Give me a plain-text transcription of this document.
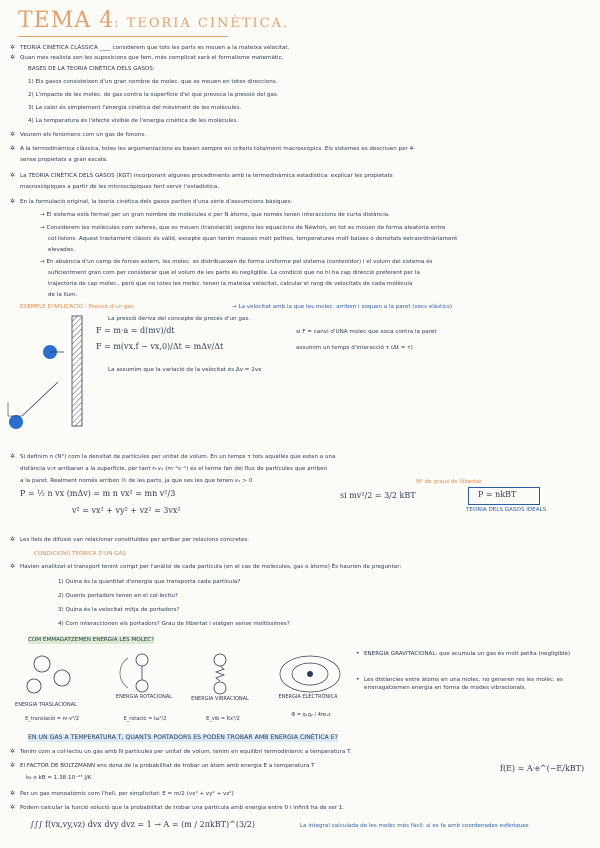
TEMA 4: TEORIA CINÈTICA.
✲ TEORIA CINÈTICA CLÀSSICA ____ considerem que tots les parts es mouen a la mateixa velocitat.
✲ Quan més realista son les suposicions que fem, més complicat serà el formalisme matemàtic.
BASES DE LA TEORIA CINÈTICA DELS GASOS:
1) Els gasos consisteixen d'un gran nombre de molec. que es mouen en totes direccions.
2) L'impacte de les molèc. de gas contra la superfície d'el que provoca la pressió del gas.
3) La calor és simplement l'energia cinètica del moviment de les molècules.
4) La temperatura és l'efecte visible de l'energia cinètica de les molècules.
✲ Veurem els fenomens com un gas de fonons.
✲ A la termodinàmica clàssica, totes les argumentacions es basen sempre en criteris totalment macroscòpics. Els sistemes es descriuen per 4-
sense propietats a gran escala.
✲ La TEORIA CINÈTICA DELS GASOS (KGT) incorporant algunes procediments amb la termodinàmica estadística: explicar les propietats
macroscòpiques a partir de les microscòpiques fent servir l'estadística.
✲ En la formulació original, la teoria cinètica dels gasos partien d'una sèrie d'assumcions bàsiques:
→ El sistema està format per un gran nombre de molècules o per N àtoms, que només tenen interaccions de curta distància.
→ Considerem les molècules com esferes, que es mouen (translació) segons les equacions de Newton, en tot es mouen de forma aleatòria entre
col·lisions. Aquest tractament clàssic és vàlid, excepte quan tenim masses molt petites, temperatures molt baixes o densitats extraordinàriament
elevades.
→ En absència d'un camp de forces extern, les molec. es distribueixen de forma uniforme pel sistema (contenidor) i el volum del sistema és
suficientment gran com per considerar que el volum de les parts és negligible. La condició que no hi ha cap direcció preferent per la
trajectòria de cap molec., però que no totes les molec. tenen la mateixa velocitat, calcular el rang de velocitats de cada molècula
de la llum.
EXEMPLE D'APLICACIÓ : Pressió d'un gas	→ La velocitat amb la que les molec. arriben i xoquen a la paret (xocs elàstics)
La pressió deriva del concepte de procés d'un gas.
F = m·a = d(mv)/dt
F = m(vx,f − vx,0)/Δt = mΔv/Δt
si F = canvi d'UNA molec que xoca contra la paret
assumim un temps d'interacció τ (Δt = τ)
La assumim que la variació de la velocitat és Δv = 2vx
✲ Si definim n (N°) com la densitat de partícules per unitat de volum. En un temps τ tots aquelles que estan a una
distància v₀τ arribaran a la superfície, per tant n·vₓ (m⁻²s⁻¹) és el terme fan del flux de partícules que arriben
a la paret. Realment només arriben ½ de les parts, ja que ses les que tenen vₓ > 0
P = ½ n vx (mΔv) = m n vx² = mn v²/3	si mv²/2 = 3/2 kBT
Nº de graus de llibertat
P = nkBT
TEORIA DELS GASOS IDEALS
v² = vx² + vy² + vz² = 3vx²
✲ Les lleis de difusió van relacionar constituïdes per arribar per relacions concretes.
CONDICIONS TEÒRICA D'UN GAS
✲ Havien analitzat el transport tenint compt per l'anàlisi de cada partícula (en el cas de molècules, gas o àtoms) És haurien de preguntar:
1) Quina és la quantitat d'energia que transporta cada partícula?
2) Quants portadors tenen en el col·lectiu?
3) Quina és la velocitat mitja de portadors?
4) Com interaccionen els portadors? Grau de llibertat i viatgen sense moltíssimes?
COM EMMAGATZEMEN ENERGIA LES MOLEC?
ENERGIA TRASLACIONAL
ENERGIA ROTACIONAL	ENERGIA VIBRACIONAL	ENERGIA ELECTRÒNICA
E_translació = m·v²/2	E_rotació = Iω²/2	E_vib = Kx²/2
Φ = q₁q₂ / 4πε₀r
• ENERGIA GRAVITACIONAL: que acumula un gas és molt petita (negligible)
• Les distàncies entre àtoms en una molec. no generen res les molèc. es emmagatzemen energia en forma de modes vibracionals.
EN UN GAS A TEMPERATURA T, QUANTS PORTADORS ES PODEN TROBAR AMB ENERGIA CINÈTICA E?
✲ Tenim com a col·lectiu un gas amb N partícules per unitat de volum, tenim en equilibri termodinàmic a temperatura T.
✲ El FACTOR DE BOLTZMANN ens dona de la probabilitat de trobar un àtom amb energia E a temperatura T
k₈ o kB = 1.38·10⁻²³ J/K
f(E) = A·e^(−E/kBT)
✲ Per un gas monoatòmic com l'heli, per simplicitat: E = m/2 (vx² + vy² + vz²)
✲ Podem calcular la funció solució que la probabilitat de trobar una partícula amb energia entre 0 i infinit ha de ser 1.
∫∫∫ f(vx,vy,vz) dvx dvy dvz = 1 → A = (m / 2πkBT)^(3/2)	La integral calculada de les molèc més fàcil: si es fa amb coordenades esfèriques
